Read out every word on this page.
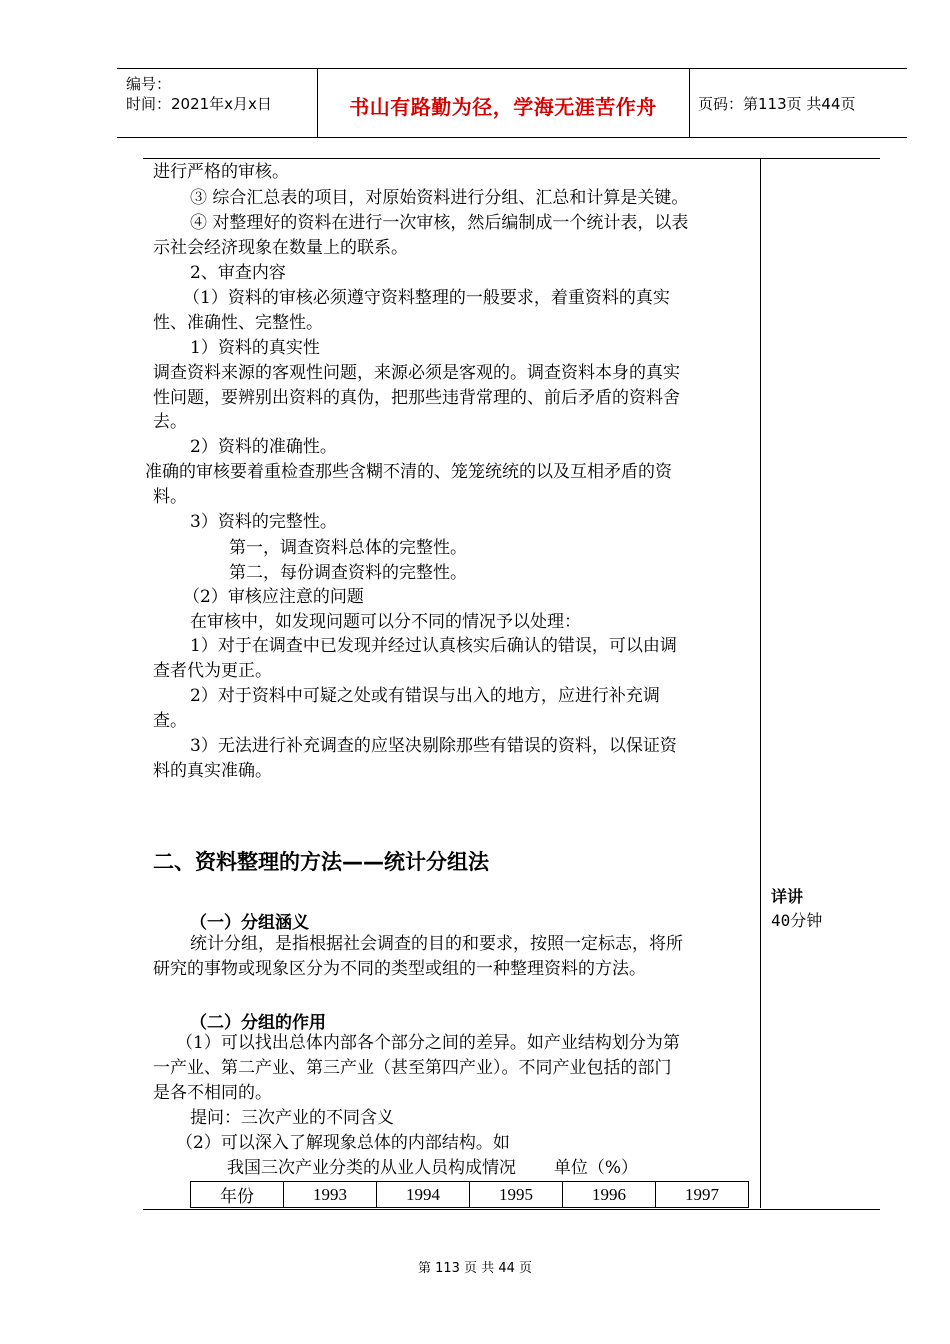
编号：
时间：2021年x月x日	书山有路勤为径，学海无涯苦作舟	页码：第113页 共44页
进行严格的审核。
③ 综合汇总表的项目，对原始资料进行分组、汇总和计算是关键。
④ 对整理好的资料在进行一次审核，然后编制成一个统计表，以表
示社会经济现象在数量上的联系。
2、审查内容
（1）资料的审核必须遵守资料整理的一般要求，着重资料的真实
性、准确性、完整性。
1）资料的真实性
调查资料来源的客观性问题，来源必须是客观的。调查资料本身的真实
性问题，要辨别出资料的真伪，把那些违背常理的、前后矛盾的资料舍
去。
2）资料的准确性。
准确的审核要着重检查那些含糊不清的、笼笼统统的以及互相矛盾的资
料。
3）资料的完整性。
第一，调查资料总体的完整性。
第二，每份调查资料的完整性。
（2）审核应注意的问题
在审核中，如发现问题可以分不同的情况予以处理：
1）对于在调查中已发现并经过认真核实后确认的错误，可以由调
查者代为更正。
2）对于资料中可疑之处或有错误与出入的地方，应进行补充调
查。
3）无法进行补充调查的应坚决剔除那些有错误的资料，以保证资
料的真实准确。
二、资料整理的方法——统计分组法
详讲
40分钟
（一）分组涵义
统计分组，是指根据社会调查的目的和要求，按照一定标志，将所
研究的事物或现象区分为不同的类型或组的一种整理资料的方法。
（二）分组的作用
（1）可以找出总体内部各个部分之间的差异。如产业结构划分为第
一产业、第二产业、第三产业（甚至第四产业）。不同产业包括的部门
是各不相同的。
提问：三次产业的不同含义
（2）可以深入了解现象总体的内部结构。如
我国三次产业分类的从业人员构成情况       单位（%）
年份	1993	1994	1995	1996	1997
第 113 页 共 44 页
